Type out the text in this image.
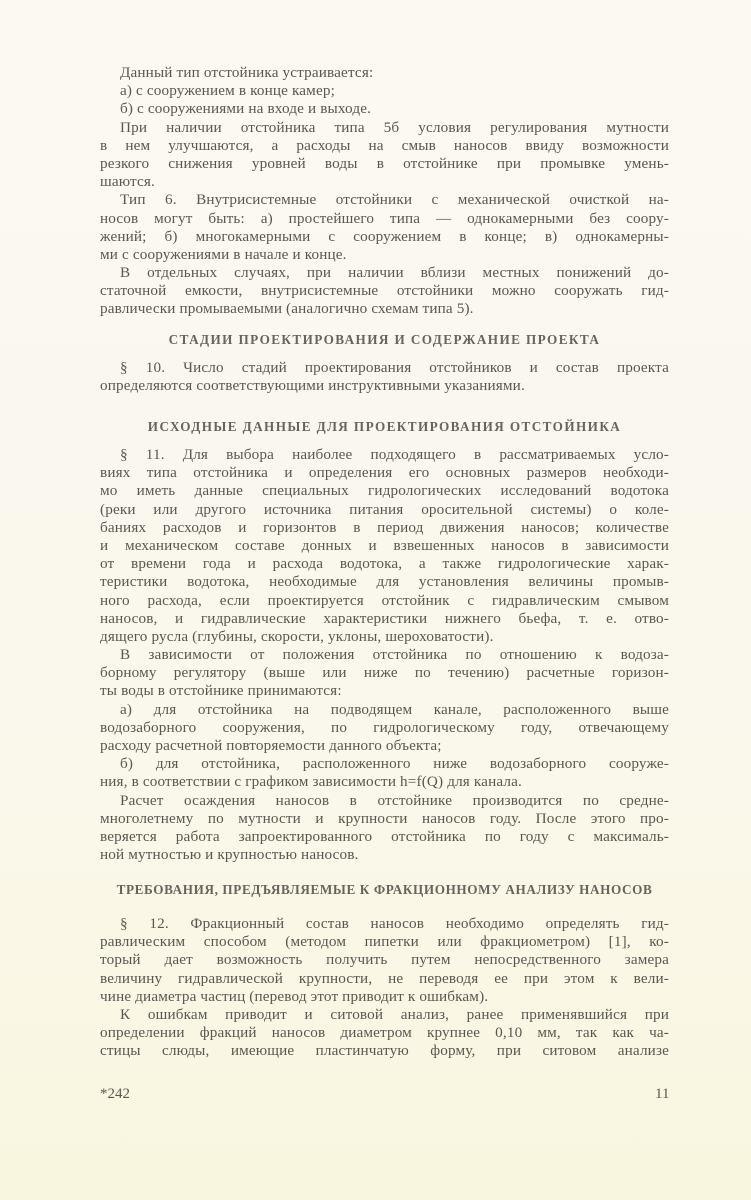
Данный тип отстойника устраивается:
а) с сооружением в конце камер;
б) с сооружениями на входе и выходе.
При наличии отстойника типа 5б условия регулирования мутности
в нем улучшаются, а расходы на смыв наносов ввиду возможности
резкого снижения уровней воды в отстойнике при промывке умень-
шаются.
Тип 6. Внутрисистемные отстойники с механической очисткой на-
носов могут быть: а) простейшего типа — однокамерными без соору-
жений; б) многокамерными с сооружением в конце; в) однокамерны-
ми с сооружениями в начале и конце.
В отдельных случаях, при наличии вблизи местных понижений до-
статочной емкости, внутрисистемные отстойники можно сооружать гид-
равлически промываемыми (аналогично схемам типа 5).
СТАДИИ ПРОЕКТИРОВАНИЯ И СОДЕРЖАНИЕ ПРОЕКТА
§ 10. Число стадий проектирования отстойников и состав проекта
определяются соответствующими инструктивными указаниями.
ИСХОДНЫЕ ДАННЫЕ ДЛЯ ПРОЕКТИРОВАНИЯ ОТСТОЙНИКА
§ 11. Для выбора наиболее подходящего в рассматриваемых усло-
виях типа отстойника и определения его основных размеров необходи-
мо иметь данные специальных гидрологических исследований водотока
(реки или другого источника питания оросительной системы) о коле-
баниях расходов и горизонтов в период движения наносов; количестве
и механическом составе донных и взвешенных наносов в зависимости
от времени года и расхода водотока, а также гидрологические харак-
теристики водотока, необходимые для установления величины промыв-
ного расхода, если проектируется отстойник с гидравлическим смывом
наносов, и гидравлические характеристики нижнего бьефа, т. е. отво-
дящего русла (глубины, скорости, уклоны, шероховатости).
В зависимости от положения отстойника по отношению к водоза-
борному регулятору (выше или ниже по течению) расчетные горизон-
ты воды в отстойнике принимаются:
а) для отстойника на подводящем канале, расположенного выше
водозаборного сооружения, по гидрологическому году, отвечающему
расходу расчетной повторяемости данного объекта;
б) для отстойника, расположенного ниже водозаборного сооруже-
ния, в соответствии с графиком зависимости h=f(Q) для канала.
Расчет осаждения наносов в отстойнике производится по средне-
многолетнему по мутности и крупности наносов году. После этого про-
веряется работа запроектированного отстойника по году с максималь-
ной мутностью и крупностью наносов.
ТРЕБОВАНИЯ, ПРЕДЪЯВЛЯЕМЫЕ К ФРАКЦИОННОМУ АНАЛИЗУ НАНОСОВ
§ 12. Фракционный состав наносов необходимо определять гид-
равлическим способом (методом пипетки или фракциометром) [1], ко-
торый дает возможность получить путем непосредственного замера
величину гидравлической крупности, не переводя ее при этом к вели-
чине диаметра частиц (перевод этот приводит к ошибкам).
К ошибкам приводит и ситовой анализ, ранее применявшийся при
определении фракций наносов диаметром крупнее 0,10 мм, так как ча-
стицы слюды, имеющие пластинчатую форму, при ситовом анализе
*242	11
